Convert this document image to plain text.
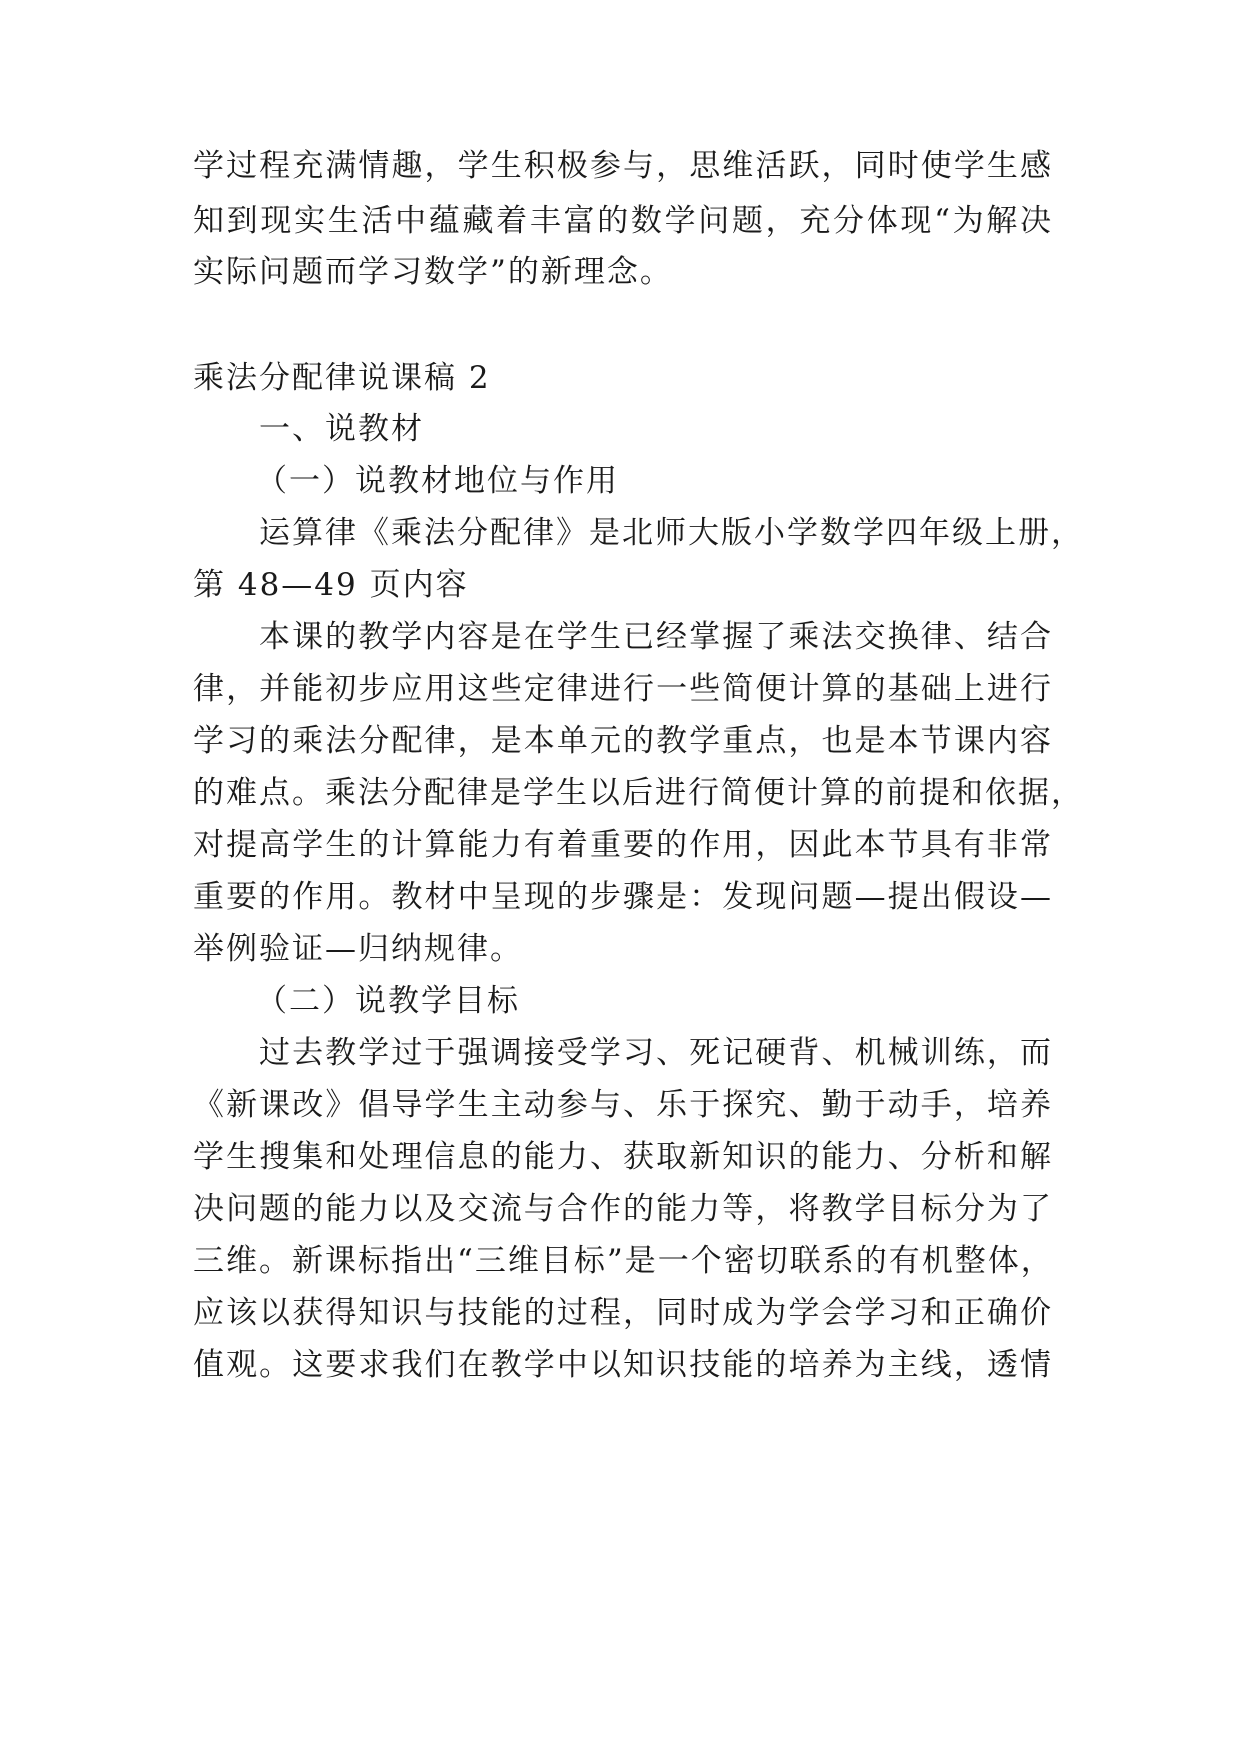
学过程充满情趣，学生积极参与，思维活跃，同时使学生感
知到现实生活中蕴藏着丰富的数学问题，充分体现“为解决
实际问题而学习数学”的新理念。
乘法分配律说课稿 2
一、说教材
（一）说教材地位与作用
运算律《乘法分配律》是北师大版小学数学四年级上册，
第 48—49 页内容
本课的教学内容是在学生已经掌握了乘法交换律、结合
律，并能初步应用这些定律进行一些简便计算的基础上进行
学习的乘法分配律，是本单元的教学重点，也是本节课内容
的难点。乘法分配律是学生以后进行简便计算的前提和依据，
对提高学生的计算能力有着重要的作用，因此本节具有非常
重要的作用。教材中呈现的步骤是：发现问题—提出假设—
举例验证—归纳规律。
（二）说教学目标
过去教学过于强调接受学习、死记硬背、机械训练，而
《新课改》倡导学生主动参与、乐于探究、勤于动手，培养
学生搜集和处理信息的能力、获取新知识的能力、分析和解
决问题的能力以及交流与合作的能力等，将教学目标分为了
三维。新课标指出“三维目标”是一个密切联系的有机整体，
应该以获得知识与技能的过程，同时成为学会学习和正确价
值观。这要求我们在教学中以知识技能的培养为主线，透情
